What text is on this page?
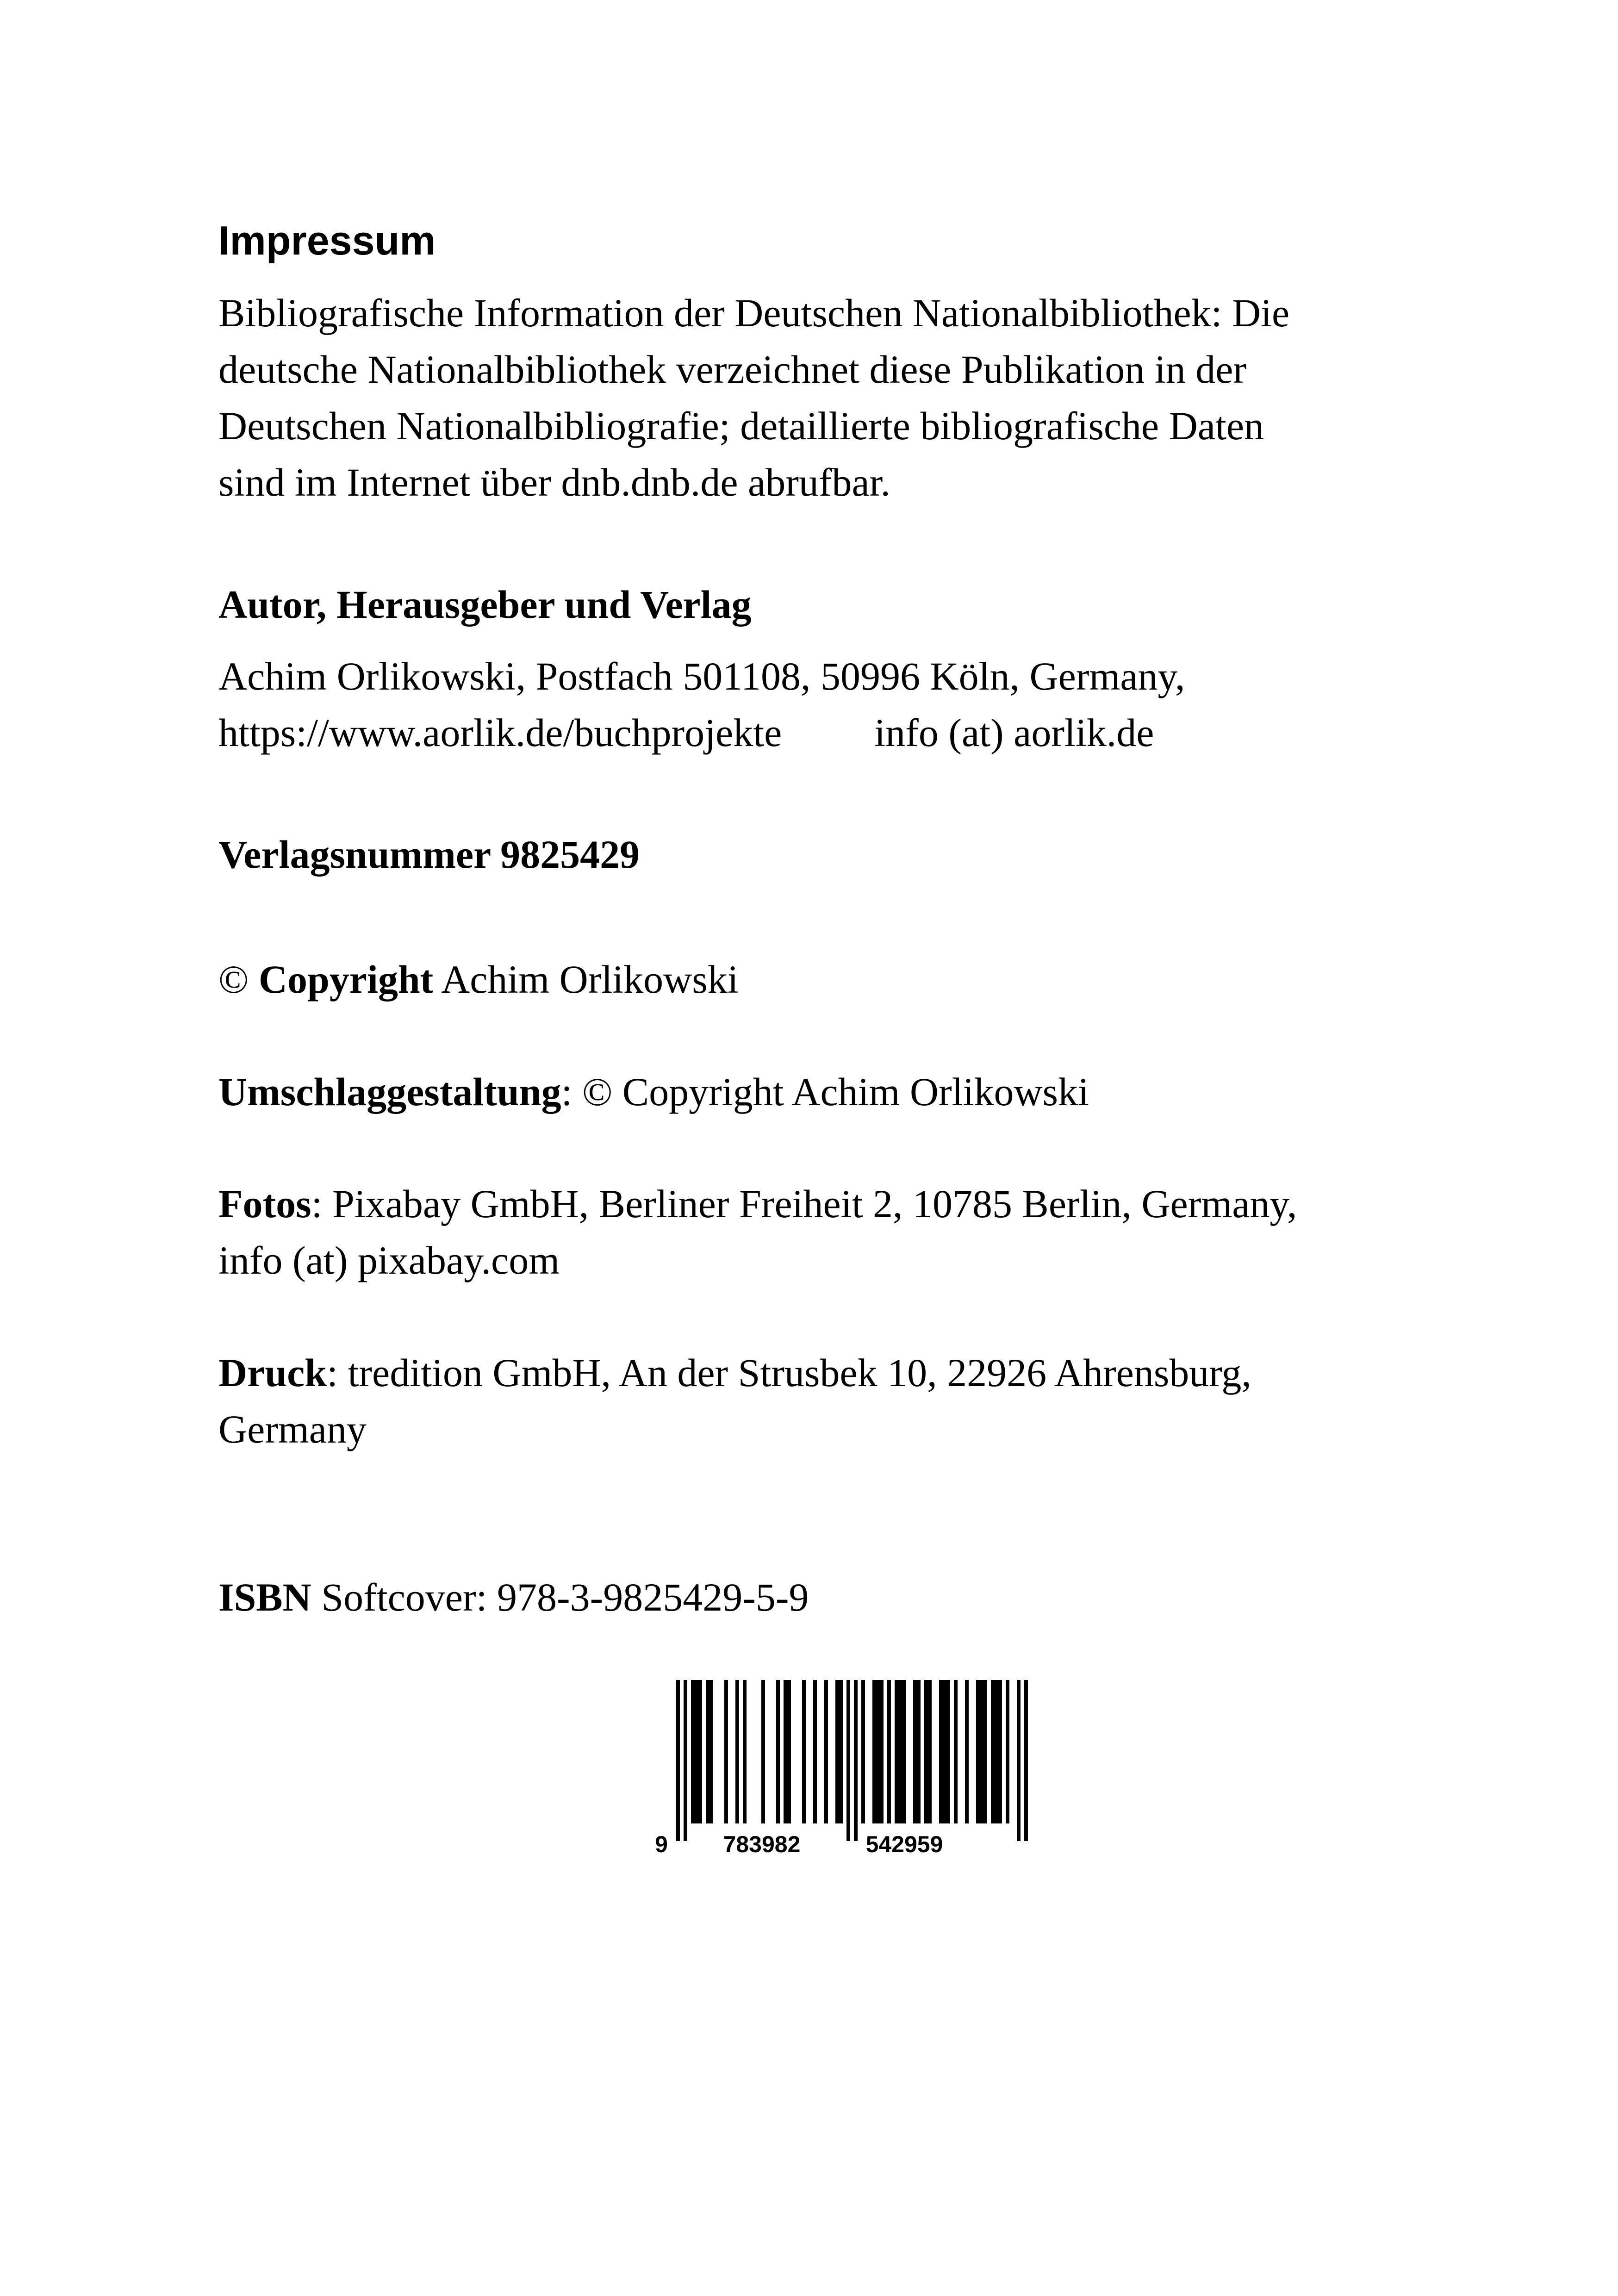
Impressum
Bibliografische Information der Deutschen Nationalbibliothek: Die
deutsche Nationalbibliothek verzeichnet diese Publikation in der
Deutschen Nationalbibliografie; detaillierte bibliografische Daten
sind im Internet über dnb.dnb.de abrufbar.
Autor, Herausgeber und Verlag
Achim Orlikowski, Postfach 501108, 50996 Köln, Germany,
https://www.aorlik.de/buchprojekte info (at) aorlik.de
Verlagsnummer 9825429
© Copyright Achim Orlikowski
Umschlaggestaltung: © Copyright Achim Orlikowski
Fotos: Pixabay GmbH, Berliner Freiheit 2, 10785 Berlin, Germany,
info (at) pixabay.com
Druck: tredition GmbH, An der Strusbek 10, 22926 Ahrensburg,
Germany
ISBN Softcover: 978-3-9825429-5-9
9 783982	542959
